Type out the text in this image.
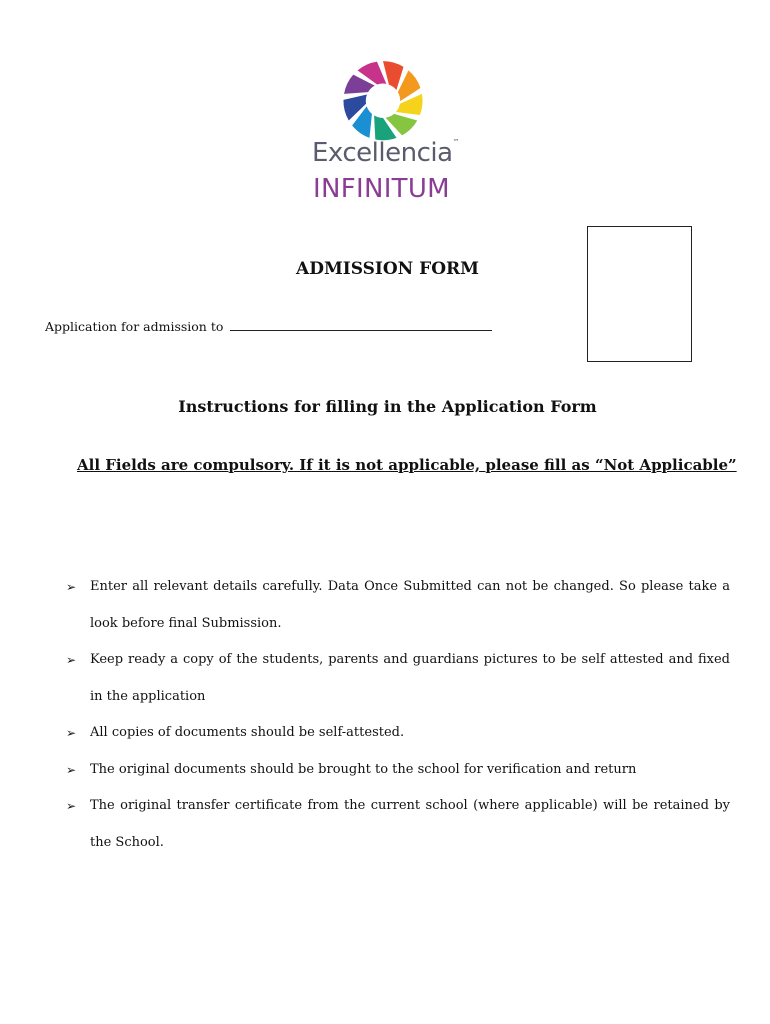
Excellencia™
INFINITUM
ADMISSION FORM
Application for admission to
Instructions for filling in the Application Form
All Fields are compulsory. If it is not applicable, please fill as “Not Applicable”
➢ Enter all relevant details carefully. Data Once Submitted can not be changed. So please take a look before final Submission.
➢ Keep ready a copy of the students, parents and guardians pictures to be self attested and fixed in the application
➢ All copies of documents should be self-attested.
➢ The original documents should be brought to the school for verification and return
➢ The original transfer certificate from the current school (where applicable) will be retained by the School.
